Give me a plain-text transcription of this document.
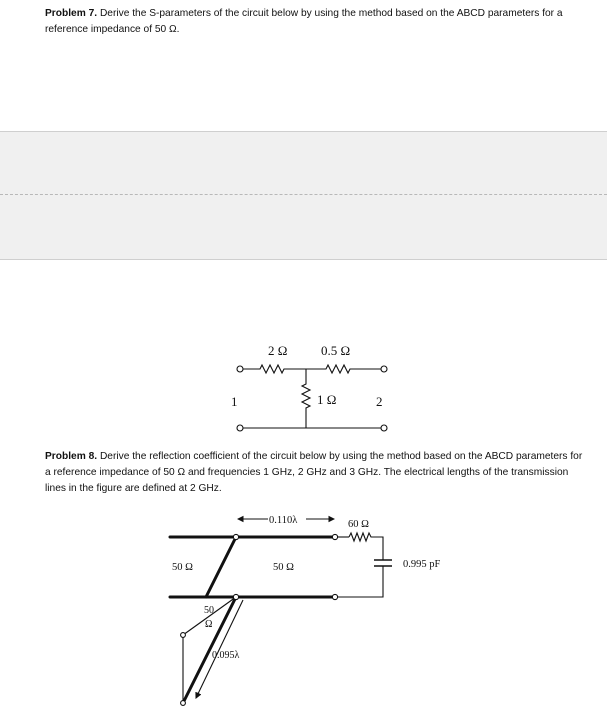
Problem 7. Derive the S-parameters of the circuit below by using the method based on the ABCD parameters for a reference impedance of 50 Ω.
2 Ω	0.5 Ω
1 Ω
1	2
Problem 8. Derive the reflection coefficient of the circuit below by using the method based on the ABCD parameters for a reference impedance of 50 Ω and frequencies 1 GHz, 2 GHz and 3 GHz. The electrical lengths of the transmission lines in the figure are defined at 2 GHz.
0.110λ	60 Ω
50 Ω	50 Ω	0.995 pF
50
Ω
0.095λ
